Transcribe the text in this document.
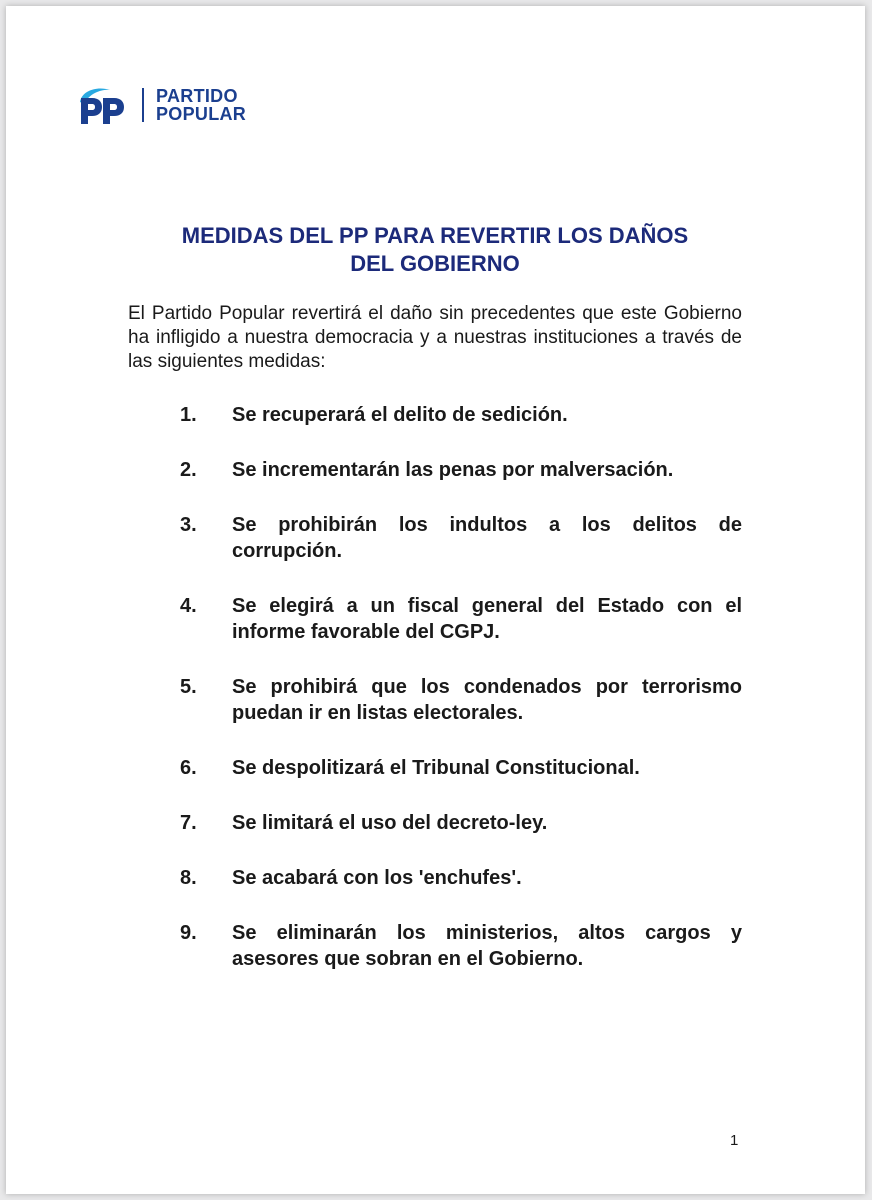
PARTIDO
POPULAR
MEDIDAS DEL PP PARA REVERTIR LOS DAÑOS
DEL GOBIERNO
El Partido Popular revertirá el daño sin precedentes que este Gobierno ha infligido a nuestra democracia y a nuestras instituciones a través de las siguientes medidas:
1.	Se recuperará el delito de sedición.
2.	Se incrementarán las penas por malversación.
3.	Se prohibirán los indultos a los delitos de corrupción.
4.	Se elegirá a un fiscal general del Estado con el informe favorable del CGPJ.
5.	Se prohibirá que los condenados por terrorismo puedan ir en listas electorales.
6.	Se despolitizará el Tribunal Constitucional.
7.	Se limitará el uso del decreto-ley.
8.	Se acabará con los 'enchufes'.
9.	Se eliminarán los ministerios, altos cargos y asesores que sobran en el Gobierno.
1
